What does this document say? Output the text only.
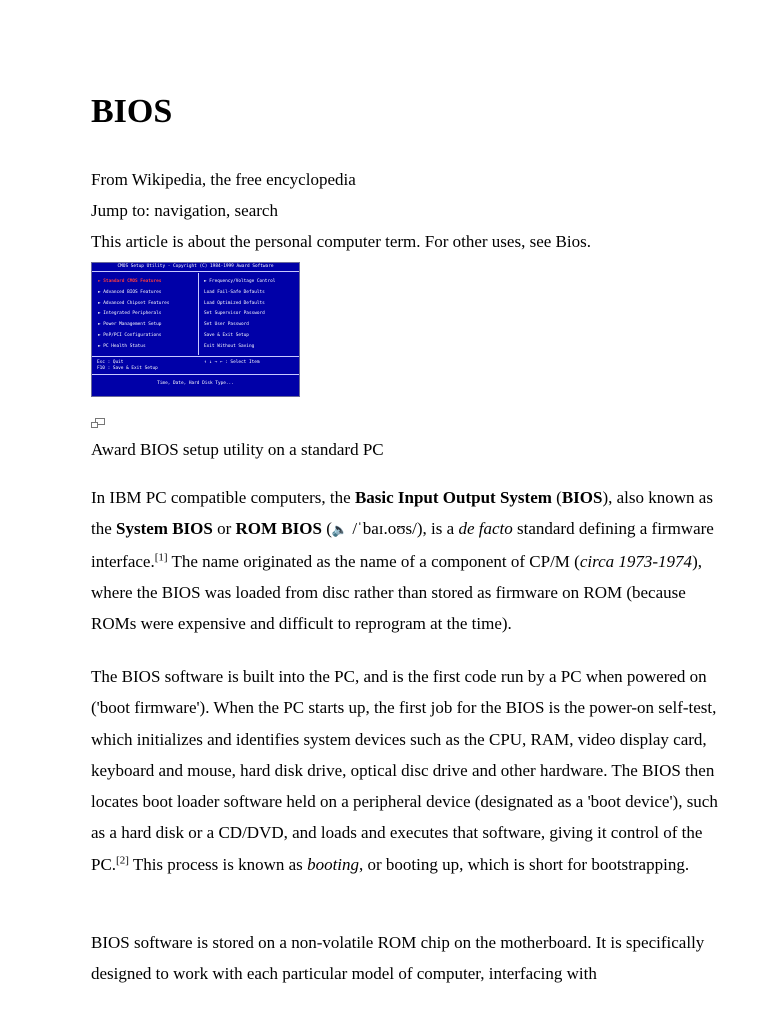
BIOS
From Wikipedia, the free encyclopedia
Jump to: navigation, search
This article is about the personal computer term. For other uses, see Bios.
CMOS Setup Utility - Copyright (C) 1984-1999 Award Software
► Standard CMOS Features
► Advanced BIOS Features
► Advanced Chipset Features
► Integrated Peripherals
► Power Management Setup
► PnP/PCI Configurations
► PC Health Status
► Frequency/Voltage Control
Load Fail-Safe Defaults
Load Optimized Defaults
Set Supervisor Password
Set User Password
Save & Exit Setup
Exit Without Saving
Esc : Quit
F10 : Save & Exit Setup
↑ ↓ → ← : Select Item
Time, Date, Hard Disk Type...
Award BIOS setup utility on a standard PC

In IBM PC compatible computers, the Basic Input Output System (BIOS), also known as the System BIOS or ROM BIOS (🔈 /ˈbaɪ.oʊs/), is a de facto standard defining a firmware interface.[1] The name originated as the name of a component of CP/M (circa 1973-1974), where the BIOS was loaded from disc rather than stored as firmware on ROM (because ROMs were expensive and difficult to reprogram at the time).

The BIOS software is built into the PC, and is the first code run by a PC when powered on ('boot firmware'). When the PC starts up, the first job for the BIOS is the power-on self-test, which initializes and identifies system devices such as the CPU, RAM, video display card, keyboard and mouse, hard disk drive, optical disc drive and other hardware. The BIOS then locates boot loader software held on a peripheral device (designated as a 'boot device'), such as a hard disk or a CD/DVD, and loads and executes that software, giving it control of the PC.[2] This process is known as booting, or booting up, which is short for bootstrapping.

BIOS software is stored on a non-volatile ROM chip on the motherboard. It is specifically designed to work with each particular model of computer, interfacing with
